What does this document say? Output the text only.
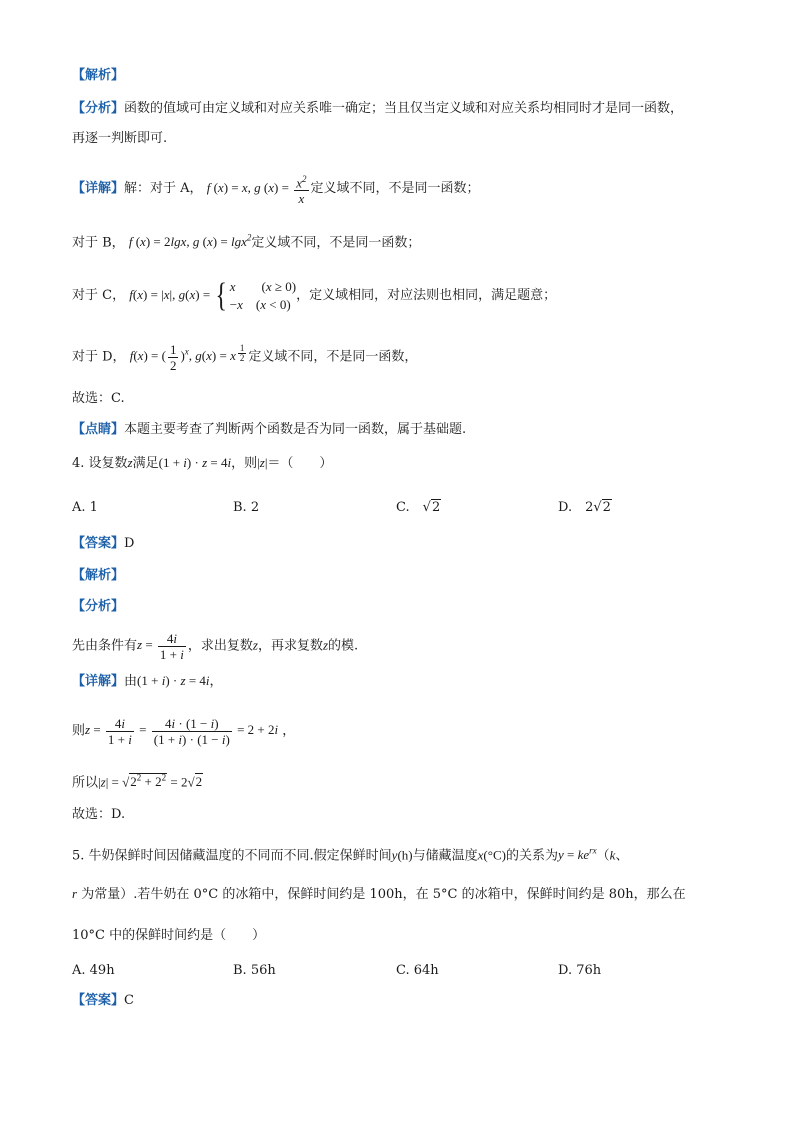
【解析】
【分析】函数的值域可由定义域和对应关系唯一确定；当且仅当定义域和对应关系均相同时才是同一函数，
再逐一判断即可.
【详解】解：对于 A， f (x) = x, g $(x) = \frac{x^2}{x}$ 定义域不同，不是同一函数；
对于 B， f (x) = 2lgx, g (x) = lgx$^2$定义域不同，不是同一函数；
对于 C， f(x) = |x|, g(x) = { x　　(x ≥ 0)
−x　(x < 0)
，定义域相同，对应法则也相同，满足题意；
对于 D， f(x) = ( $\frac{1}{2} )^x$, g(x) = x $^{\frac{1}{2}}$ 定义域不同，不是同一函数，
故选：C.
【点睛】本题主要考查了判断两个函数是否为同一函数，属于基础题.
4. 设复数z满足(1 + i) · z = 4i，则|z|＝（　　）
A. 1	B. 2	C.　 √2	D.　 2√2
【答案】D
【解析】
【分析】
先由条件有$z = \frac{4i}{1 + i}$ ，求出复数z，再求复数z的模.
【详解】由(1 + i) · z = 4i，
则$z = \frac{4i}{1 + i} = \frac{4i \cdot (1 - i)}{(1 + i) \cdot (1 - i)} = 2 + 2i$ ，
所以$|z| = √2^2 + 2^2 = 2√2$
故选：D.
5. 牛奶保鲜时间因储藏温度的不同而不同.假定保鲜时间y(h)与储藏温度x(°C)的关系为$y = ke^{rx}(k$、
r 为常量）.若牛奶在 0°C 的冰箱中，保鲜时间约是 100h，在 5°C 的冰箱中，保鲜时间约是 80h，那么在
10°C 中的保鲜时间约是（　　）
A. 49h	B. 56h	C. 64h	D. 76h
【答案】C
